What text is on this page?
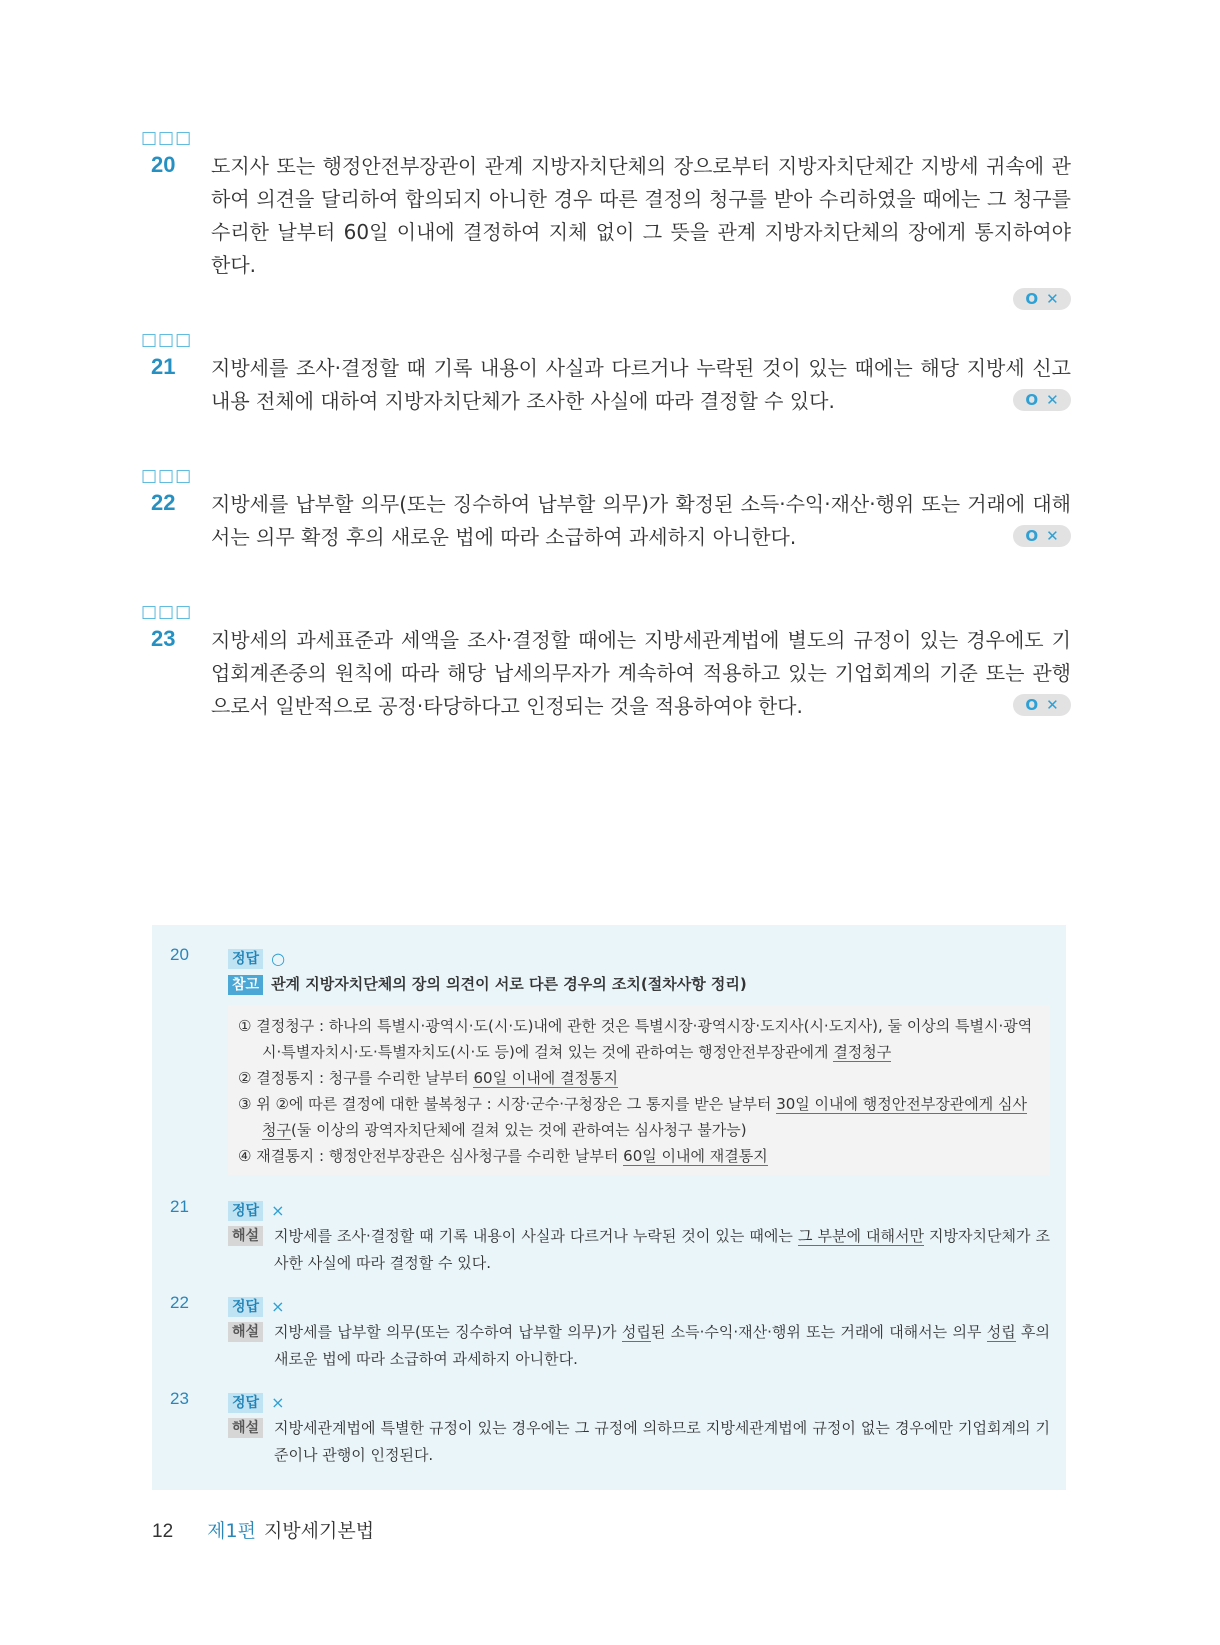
□□□
20 도지사 또는 행정안전부장관이 관계 지방자치단체의 장으로부터 지방자치단체간 지방세 귀속에 관하여 의견을 달리하여 합의되지 아니한 경우 따른 결정의 청구를 받아 수리하였을 때에는 그 청구를 수리한 날부터 60일 이내에 결정하여 지체 없이 그 뜻을 관계 지방자치단체의 장에게 통지하여야 한다.
O ✕
□□□
21 지방세를 조사·결정할 때 기록 내용이 사실과 다르거나 누락된 것이 있는 때에는 해당 지방세 신고내용 전체에 대하여 지방자치단체가 조사한 사실에 따라 결정할 수 있다.	O ✕
□□□
22 지방세를 납부할 의무(또는 징수하여 납부할 의무)가 확정된 소득·수익·재산·행위 또는 거래에 대해서는 의무 확정 후의 새로운 법에 따라 소급하여 과세하지 아니한다.	O ✕
□□□
23 지방세의 과세표준과 세액을 조사·결정할 때에는 지방세관계법에 별도의 규정이 있는 경우에도 기업회계존중의 원칙에 따라 해당 납세의무자가 계속하여 적용하고 있는 기업회계의 기준 또는 관행으로서 일반적으로 공정·타당하다고 인정되는 것을 적용하여야 한다.	O ✕
20	정답 ○
참고 관계 지방자치단체의 장의 의견이 서로 다른 경우의 조치(절차사항 정리)
① 결정청구 : 하나의 특별시·광역시·도(시·도)내에 관한 것은 특별시장·광역시장·도지사(시·도지사), 둘 이상의 특별시·광역시·특별자치시·도·특별자치도(시·도 등)에 걸쳐 있는 것에 관하여는 행정안전부장관에게 결정청구
② 결정통지 : 청구를 수리한 날부터 60일 이내에 결정통지
③ 위 ②에 따른 결정에 대한 불복청구 : 시장·군수·구청장은 그 통지를 받은 날부터 30일 이내에 행정안전부장관에게 심사청구(둘 이상의 광역자치단체에 걸쳐 있는 것에 관하여는 심사청구 불가능)
④ 재결통지 : 행정안전부장관은 심사청구를 수리한 날부터 60일 이내에 재결통지
21	정답 ×
해설 지방세를 조사·결정할 때 기록 내용이 사실과 다르거나 누락된 것이 있는 때에는 그 부분에 대해서만 지방자치단체가 조사한 사실에 따라 결정할 수 있다.
22	정답 ×
해설 지방세를 납부할 의무(또는 징수하여 납부할 의무)가 성립된 소득·수익·재산·행위 또는 거래에 대해서는 의무 성립 후의 새로운 법에 따라 소급하여 과세하지 아니한다.
23	정답 ×
해설 지방세관계법에 특별한 규정이 있는 경우에는 그 규정에 의하므로 지방세관계법에 규정이 없는 경우에만 기업회계의 기준이나 관행이 인정된다.
12 제1편 지방세기본법
